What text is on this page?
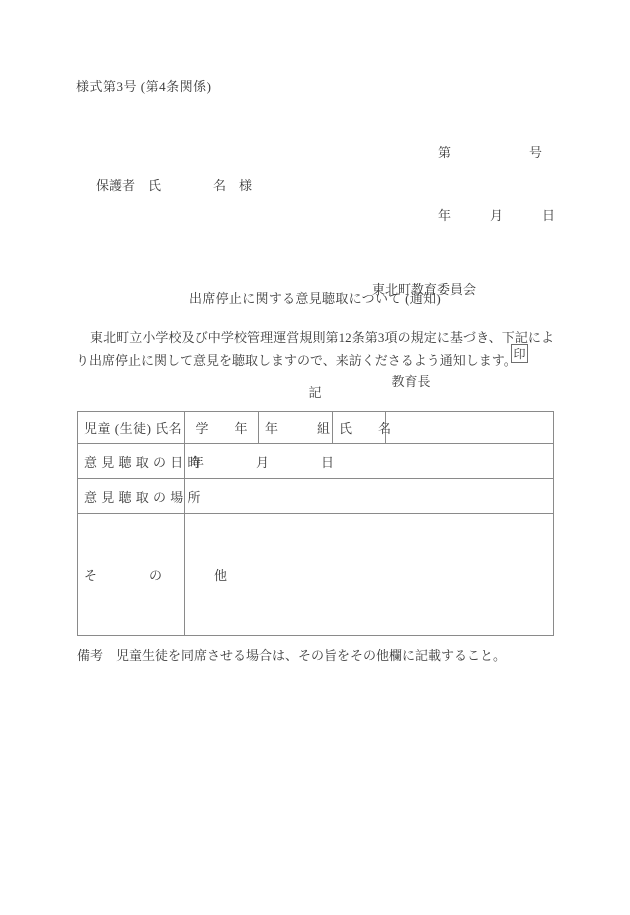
様式第3号 (第4条関係)

第　　　　　　号

年　　　月　　　日

保護者　氏　　　　名　様

東北町教育委員会

教育長

印

出席停止に関する意見聴取について (通知)
東北町立小学校及び中学校管理運営規則第12条第3項の規定に基づき、下記により出席停止に関して意見を聴取しますので、来訪くださるよう通知します。
記
児童 (生徒) 氏名	学　　年	年　　　組	氏　　名	
意 見 聴 取 の 日 時	年　　　　月　　　　日			
意 見 聴 取 の 場 所				
そ　　　　の　　　　他				
備考　児童生徒を同席させる場合は、その旨をその他欄に記載すること。
